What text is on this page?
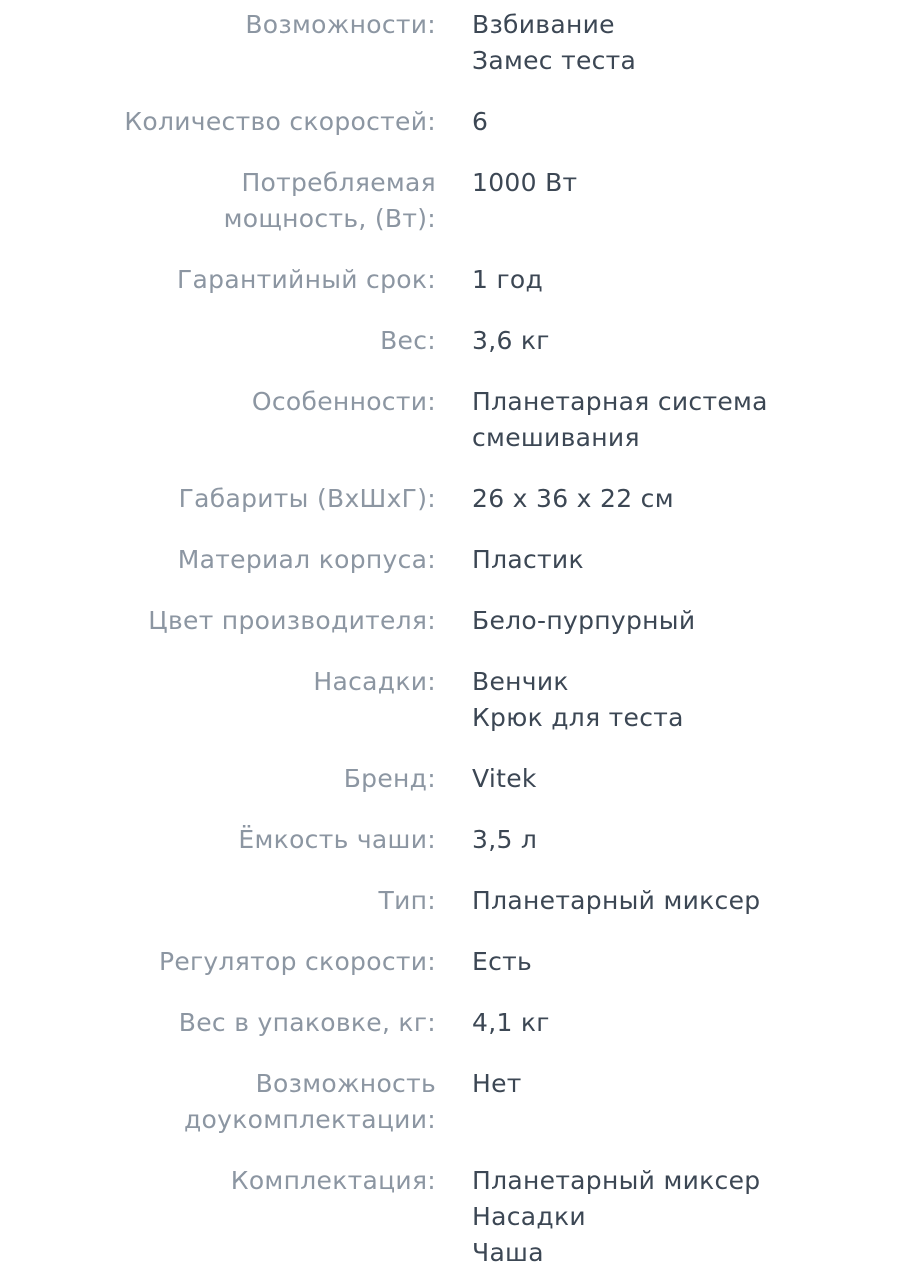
Возможности: Взбивание
Замес теста
Количество скоростей: 6
Потребляемая мощность, (Вт):
1000 Вт
Гарантийный срок: 1 год
Вес: 3,6 кг
Особенности: Планетарная система
смешивания
Габариты (ВхШхГ): 26 х 36 х 22 см
Материал корпуса: Пластик
Цвет производителя: Бело-пурпурный
Насадки: Венчик
Крюк для теста
Бренд: Vitek
Ёмкость чаши: 3,5 л
Тип: Планетарный миксер
Регулятор скорости: Есть
Вес в упаковке, кг: 4,1 кг
Возможность доукомплектации:
Нет
Комплектация: Планетарный миксер
Насадки
Чаша
